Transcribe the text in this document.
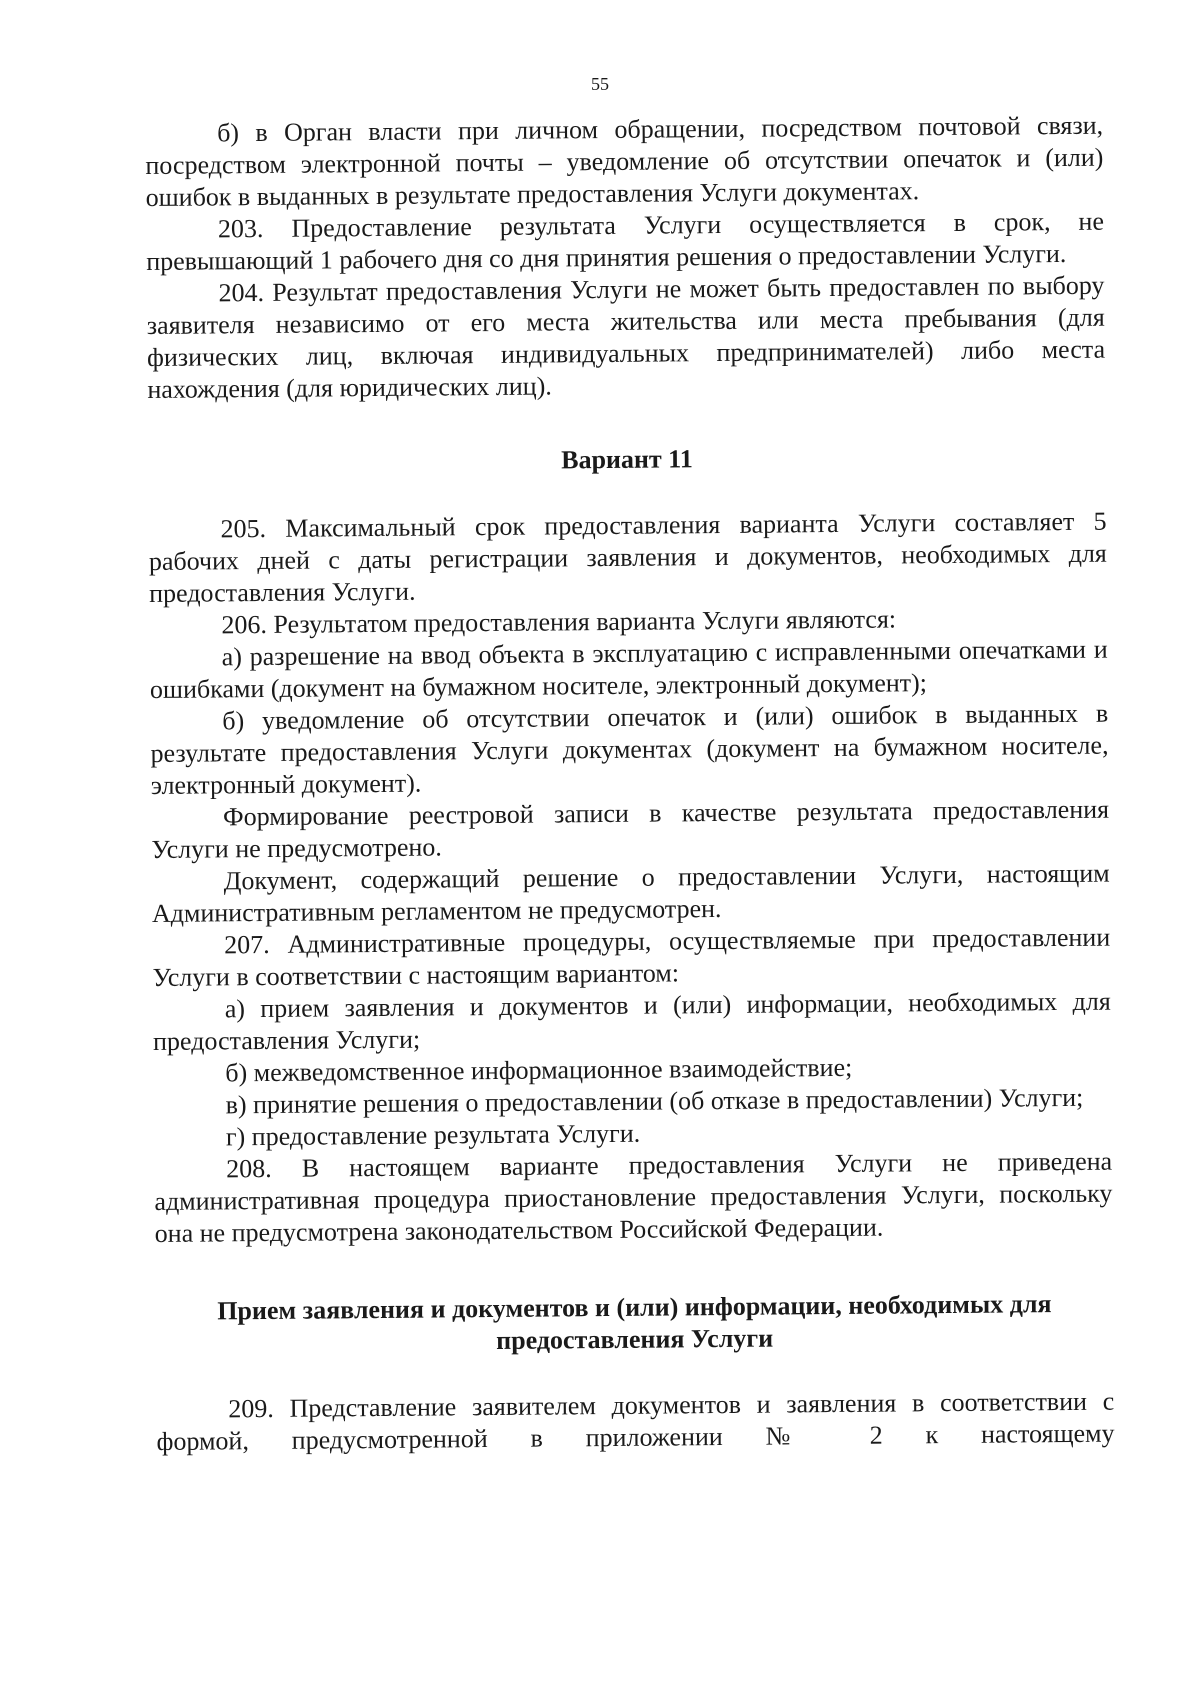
55

б) в Орган власти при личном обращении, посредством почтовой связи, посредством электронной почты – уведомление об отсутствии опечаток и (или) ошибок в выданных в результате предоставления Услуги документах.

203. Предоставление результата Услуги осуществляется в срок, не превышающий 1 рабочего дня со дня принятия решения о предоставлении Услуги.

204. Результат предоставления Услуги не может быть предоставлен по выбору заявителя независимо от его места жительства или места пребывания (для физических лиц, включая индивидуальных предпринимателей) либо места нахождения (для юридических лиц).

Вариант 11

205. Максимальный срок предоставления варианта Услуги составляет 5 рабочих дней с даты регистрации заявления и документов, необходимых для предоставления Услуги.

206. Результатом предоставления варианта Услуги являются:

а) разрешение на ввод объекта в эксплуатацию с исправленными опечатками и ошибками (документ на бумажном носителе, электронный документ);

б) уведомление об отсутствии опечаток и (или) ошибок в выданных в результате предоставления Услуги документах (документ на бумажном носителе, электронный документ).

Формирование реестровой записи в качестве результата предоставления Услуги не предусмотрено.

Документ, содержащий решение о предоставлении Услуги, настоящим Административным регламентом не предусмотрен.

207. Административные процедуры, осуществляемые при предоставлении Услуги в соответствии с настоящим вариантом:

а) прием заявления и документов и (или) информации, необходимых для предоставления Услуги;

б) межведомственное информационное взаимодействие;

в) принятие решения о предоставлении (об отказе в предоставлении) Услуги;

г) предоставление результата Услуги.

208. В настоящем варианте предоставления Услуги не приведена административная процедура приостановление предоставления Услуги, поскольку она не предусмотрена законодательством Российской Федерации.

Прием заявления и документов и (или) информации, необходимых для предоставления Услуги

209. Представление заявителем документов и заявления в соответствии с формой, предусмотренной в приложении № 2 к настоящему
